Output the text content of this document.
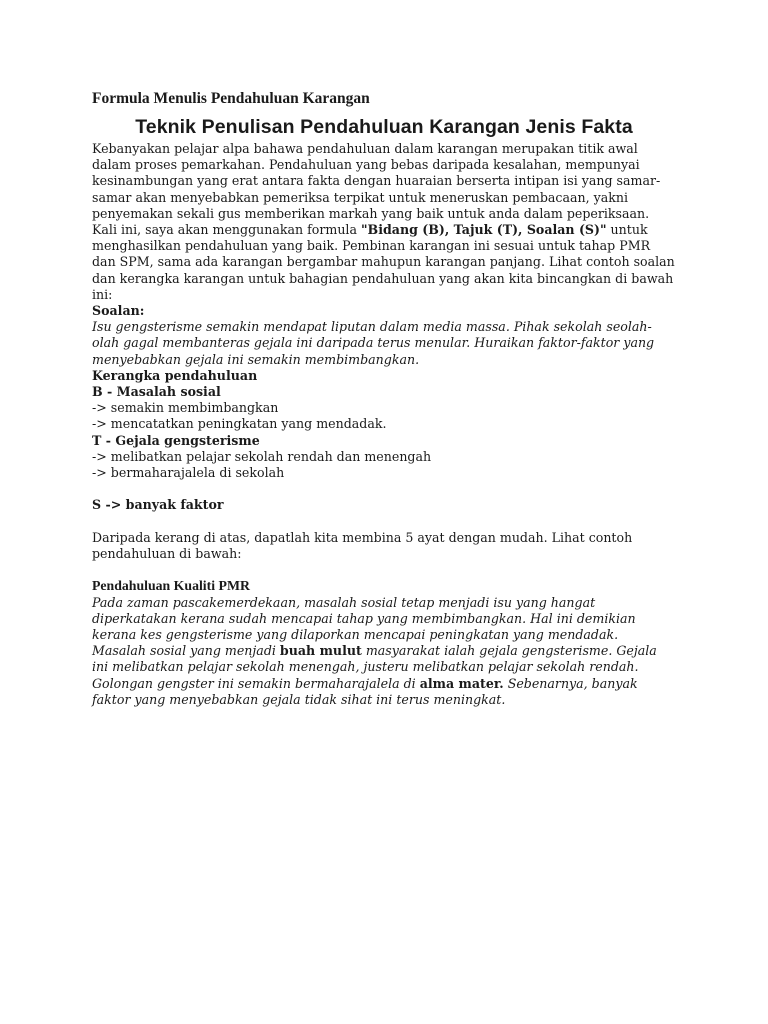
Formula Menulis Pendahuluan Karangan
Teknik Penulisan Pendahuluan Karangan Jenis Fakta

Kebanyakan pelajar alpa bahawa pendahuluan dalam karangan merupakan titik awal dalam proses pemarkahan. Pendahuluan yang bebas daripada kesalahan, mempunyai kesinambungan yang erat antara fakta dengan huaraian berserta intipan isi yang samar-samar akan menyebabkan pemeriksa terpikat untuk meneruskan pembacaan, yakni penyemakan sekali gus memberikan markah yang baik untuk anda dalam peperiksaan. Kali ini, saya akan menggunakan formula "Bidang (B), Tajuk (T), Soalan (S)" untuk menghasilkan pendahuluan yang baik. Pembinan karangan ini sesuai untuk tahap PMR dan SPM, sama ada karangan bergambar mahupun karangan panjang. Lihat contoh soalan dan kerangka karangan untuk bahagian pendahuluan yang akan kita bincangkan di bawah ini:

Soalan:

Isu gengsterisme semakin mendapat liputan dalam media massa. Pihak sekolah seolah-olah gagal membanteras gejala ini daripada terus menular. Huraikan faktor-faktor yang menyebabkan gejala ini semakin membimbangkan.

Kerangka pendahuluan

B - Masalah sosial

-> semakin membimbangkan

-> mencatatkan peningkatan yang mendadak.

T - Gejala gengsterisme

-> melibatkan pelajar sekolah rendah dan menengah

-> bermaharajalela di sekolah

S -> banyak faktor

Daripada kerang di atas, dapatlah kita membina 5 ayat dengan mudah. Lihat contoh pendahuluan di bawah:

Pendahuluan Kualiti PMR

Pada zaman pascakemerdekaan, masalah sosial tetap menjadi isu yang hangat diperkatakan kerana sudah mencapai tahap yang membimbangkan. Hal ini demikian kerana kes gengsterisme yang dilaporkan mencapai peningkatan yang mendadak. Masalah sosial yang menjadi buah mulut masyarakat ialah gejala gengsterisme. Gejala ini melibatkan pelajar sekolah menengah, justeru melibatkan pelajar sekolah rendah. Golongan gengster ini semakin bermaharajalela di alma mater. Sebenarnya, banyak faktor yang menyebabkan gejala tidak sihat ini terus meningkat.
